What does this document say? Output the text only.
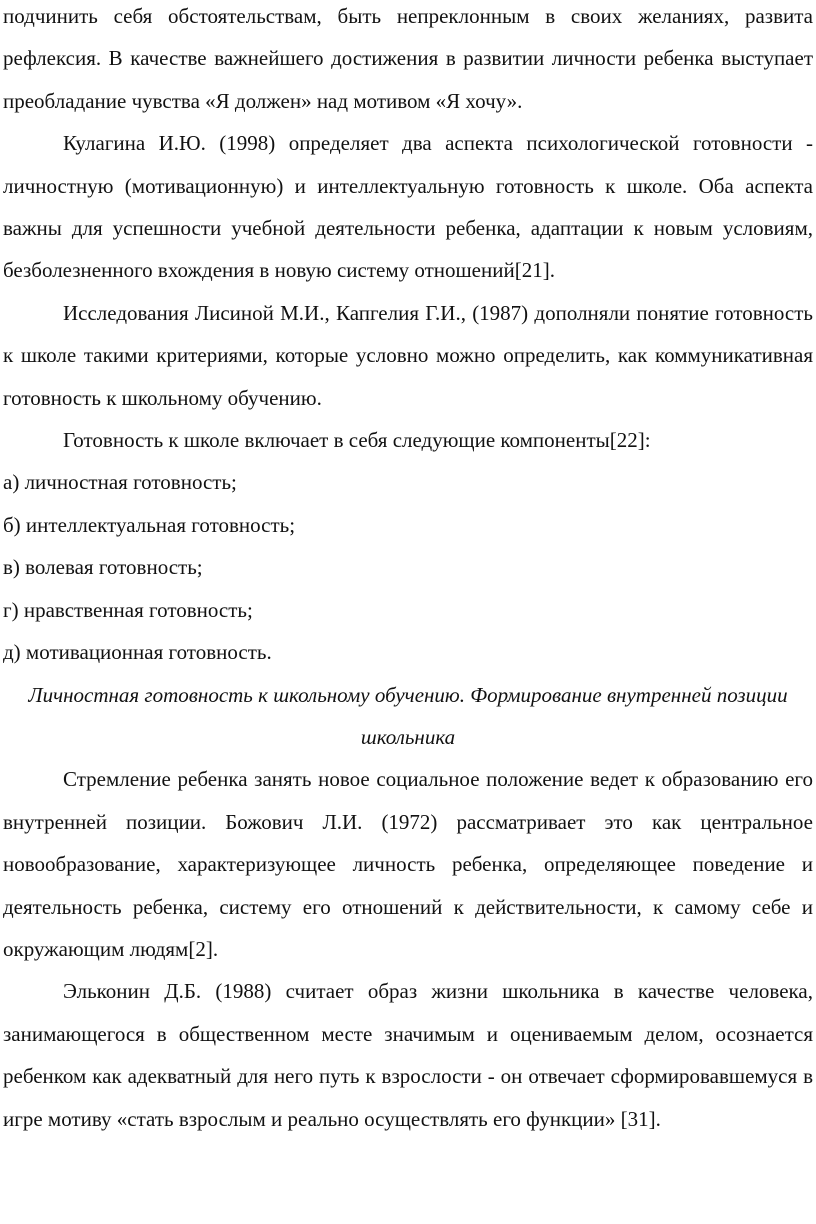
подчинить себя обстоятельствам, быть непреклонным в своих желаниях, развита рефлексия. В качестве важнейшего достижения в развитии личности ребенка выступает преобладание чувства «Я должен» над мотивом «Я хочу».

Кулагина И.Ю. (1998) определяет два аспекта психологической готовности - личностную (мотивационную) и интеллектуальную готовность к школе. Оба аспекта важны для успешности учебной деятельности ребенка, адаптации к новым условиям, безболезненного вхождения в новую систему отношений[21].

Исследования Лисиной М.И., Капгелия Г.И., (1987) дополняли понятие готовность к школе такими критериями, которые условно можно определить, как коммуникативная готовность к школьному обучению.

Готовность к школе включает в себя следующие компоненты[22]:

а) личностная готовность;

б) интеллектуальная готовность;

в) волевая готовность;

г) нравственная готовность;

д) мотивационная готовность.

Личностная готовность к школьному обучению. Формирование внутренней позиции школьника

Стремление ребенка занять новое социальное положение ведет к образованию его внутренней позиции. Божович Л.И. (1972) рассматривает это как центральное новообразование, характеризующее личность ребенка, определяющее поведение и деятельность ребенка, систему его отношений к действительности, к самому себе и окружающим людям[2].

Эльконин Д.Б. (1988) считает образ жизни школьника в качестве человека, занимающегося в общественном месте значимым и оцениваемым делом, осознается ребенком как адекватный для него путь к взрослости - он отвечает сформировавшемуся в игре мотиву «стать взрослым и реально осуществлять его функции» [31].
